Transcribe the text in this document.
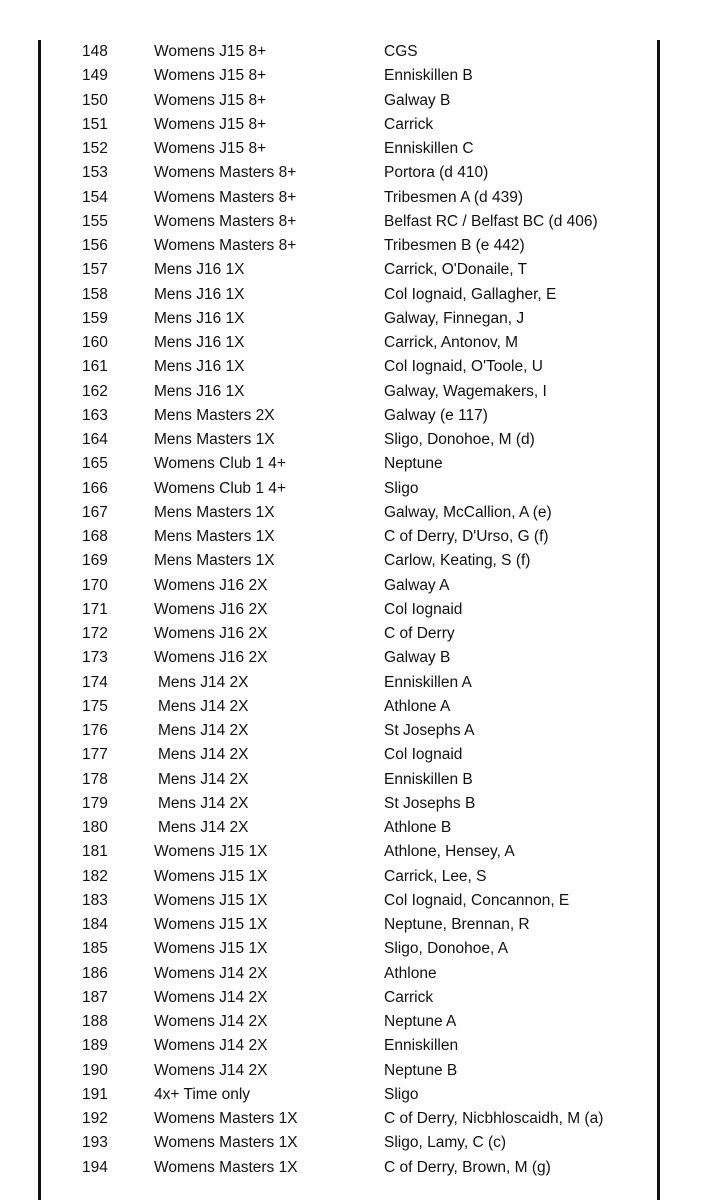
148	Womens J15 8+	CGS
149	Womens J15 8+	Enniskillen B
150	Womens J15 8+	Galway B
151	Womens J15 8+	Carrick
152	Womens J15 8+	Enniskillen C
153	Womens Masters 8+	Portora (d 410)
154	Womens Masters 8+	Tribesmen A (d 439)
155	Womens Masters 8+	Belfast RC / Belfast BC (d 406)
156	Womens Masters 8+	Tribesmen B (e 442)
157	Mens J16 1X	Carrick, O'Donaile, T
158	Mens J16 1X	Col Iognaid, Gallagher, E
159	Mens J16 1X	Galway, Finnegan, J
160	Mens J16 1X	Carrick, Antonov, M
161	Mens J16 1X	Col Iognaid, O'Toole, U
162	Mens J16 1X	Galway, Wagemakers, I
163	Mens Masters 2X	Galway (e 117)
164	Mens Masters 1X	Sligo, Donohoe, M (d)
165	Womens Club 1 4+	Neptune
166	Womens Club 1 4+	Sligo
167	Mens Masters 1X	Galway, McCallion, A (e)
168	Mens Masters 1X	C of Derry, D'Urso, G (f)
169	Mens Masters 1X	Carlow, Keating, S (f)
170	Womens J16 2X	Galway A
171	Womens J16 2X	Col Iognaid
172	Womens J16 2X	C of Derry
173	Womens J16 2X	Galway B
174	Mens J14 2X	Enniskillen A
175	Mens J14 2X	Athlone A
176	Mens J14 2X	St Josephs A
177	Mens J14 2X	Col Iognaid
178	Mens J14 2X	Enniskillen B
179	Mens J14 2X	St Josephs B
180	Mens J14 2X	Athlone B
181	Womens J15 1X	Athlone, Hensey, A
182	Womens J15 1X	Carrick, Lee, S
183	Womens J15 1X	Col Iognaid, Concannon, E
184	Womens J15 1X	Neptune, Brennan, R
185	Womens J15 1X	Sligo, Donohoe, A
186	Womens J14 2X	Athlone
187	Womens J14 2X	Carrick
188	Womens J14 2X	Neptune A
189	Womens J14 2X	Enniskillen
190	Womens J14 2X	Neptune B
191	4x+ Time only	Sligo
192	Womens Masters 1X	C of Derry, Nicbhloscaidh, M (a)
193	Womens Masters 1X	Sligo, Lamy, C (c)
194	Womens Masters 1X	C of Derry, Brown, M (g)
